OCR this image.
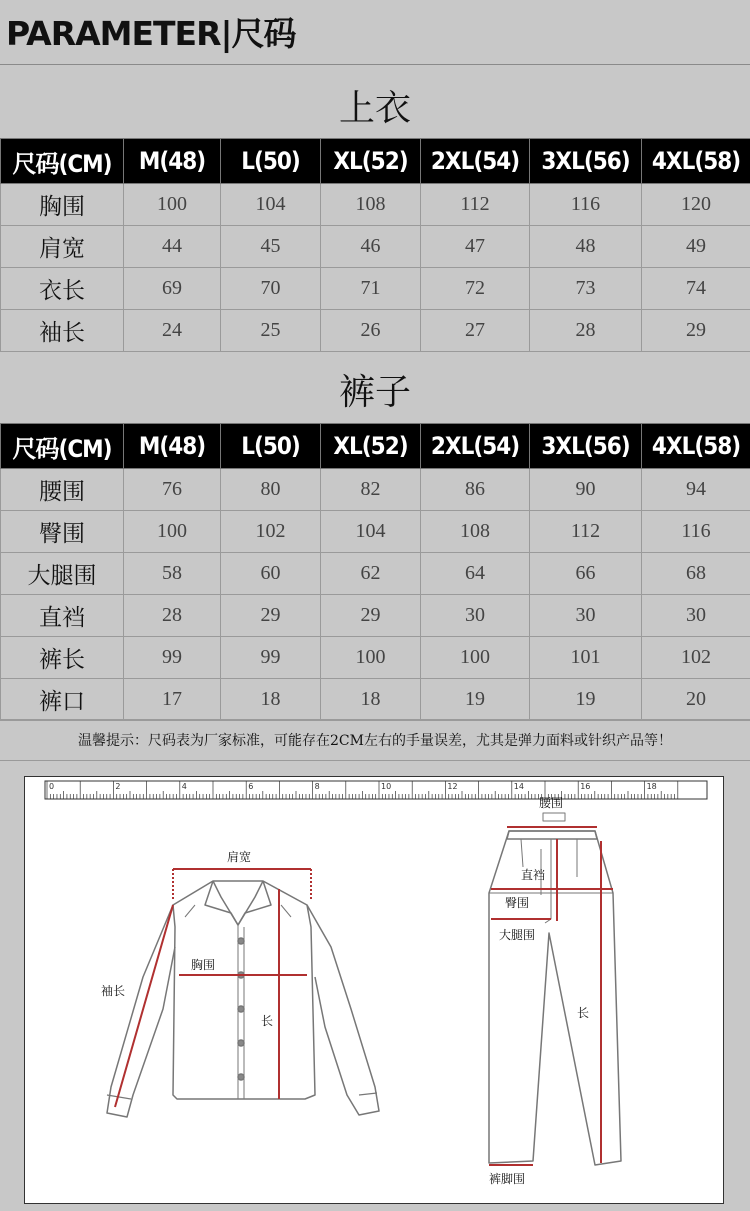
PARAMETER|尺码
上衣
尺码(CM)	M(48)	L(50)	XL(52)	2XL(54)	3XL(56)	4XL(58)
胸围	100	104	108	112	116	120
肩宽	44	45	46	47	48	49
衣长	69	70	71	72	73	74
袖长	24	25	26	27	28	29
裤子
尺码(CM)	M(48)	L(50)	XL(52)	2XL(54)	3XL(56)	4XL(58)
腰围	76	80	82	86	90	94
臀围	100	102	104	108	112	116
大腿围	58	60	62	64	66	68
直裆	28	29	29	30	30	30
裤长	99	99	100	100	101	102
裤口	17	18	18	19	19	20
温馨提示：尺码表为厂家标准，可能存在2CM左右的手量误差，尤其是弹力面料或针织产品等！
0	2	4	6	8	10	12	14	16	18
肩宽
胸围
袖长
长
腰围
直裆
臀围
大腿围
长
裤脚围
